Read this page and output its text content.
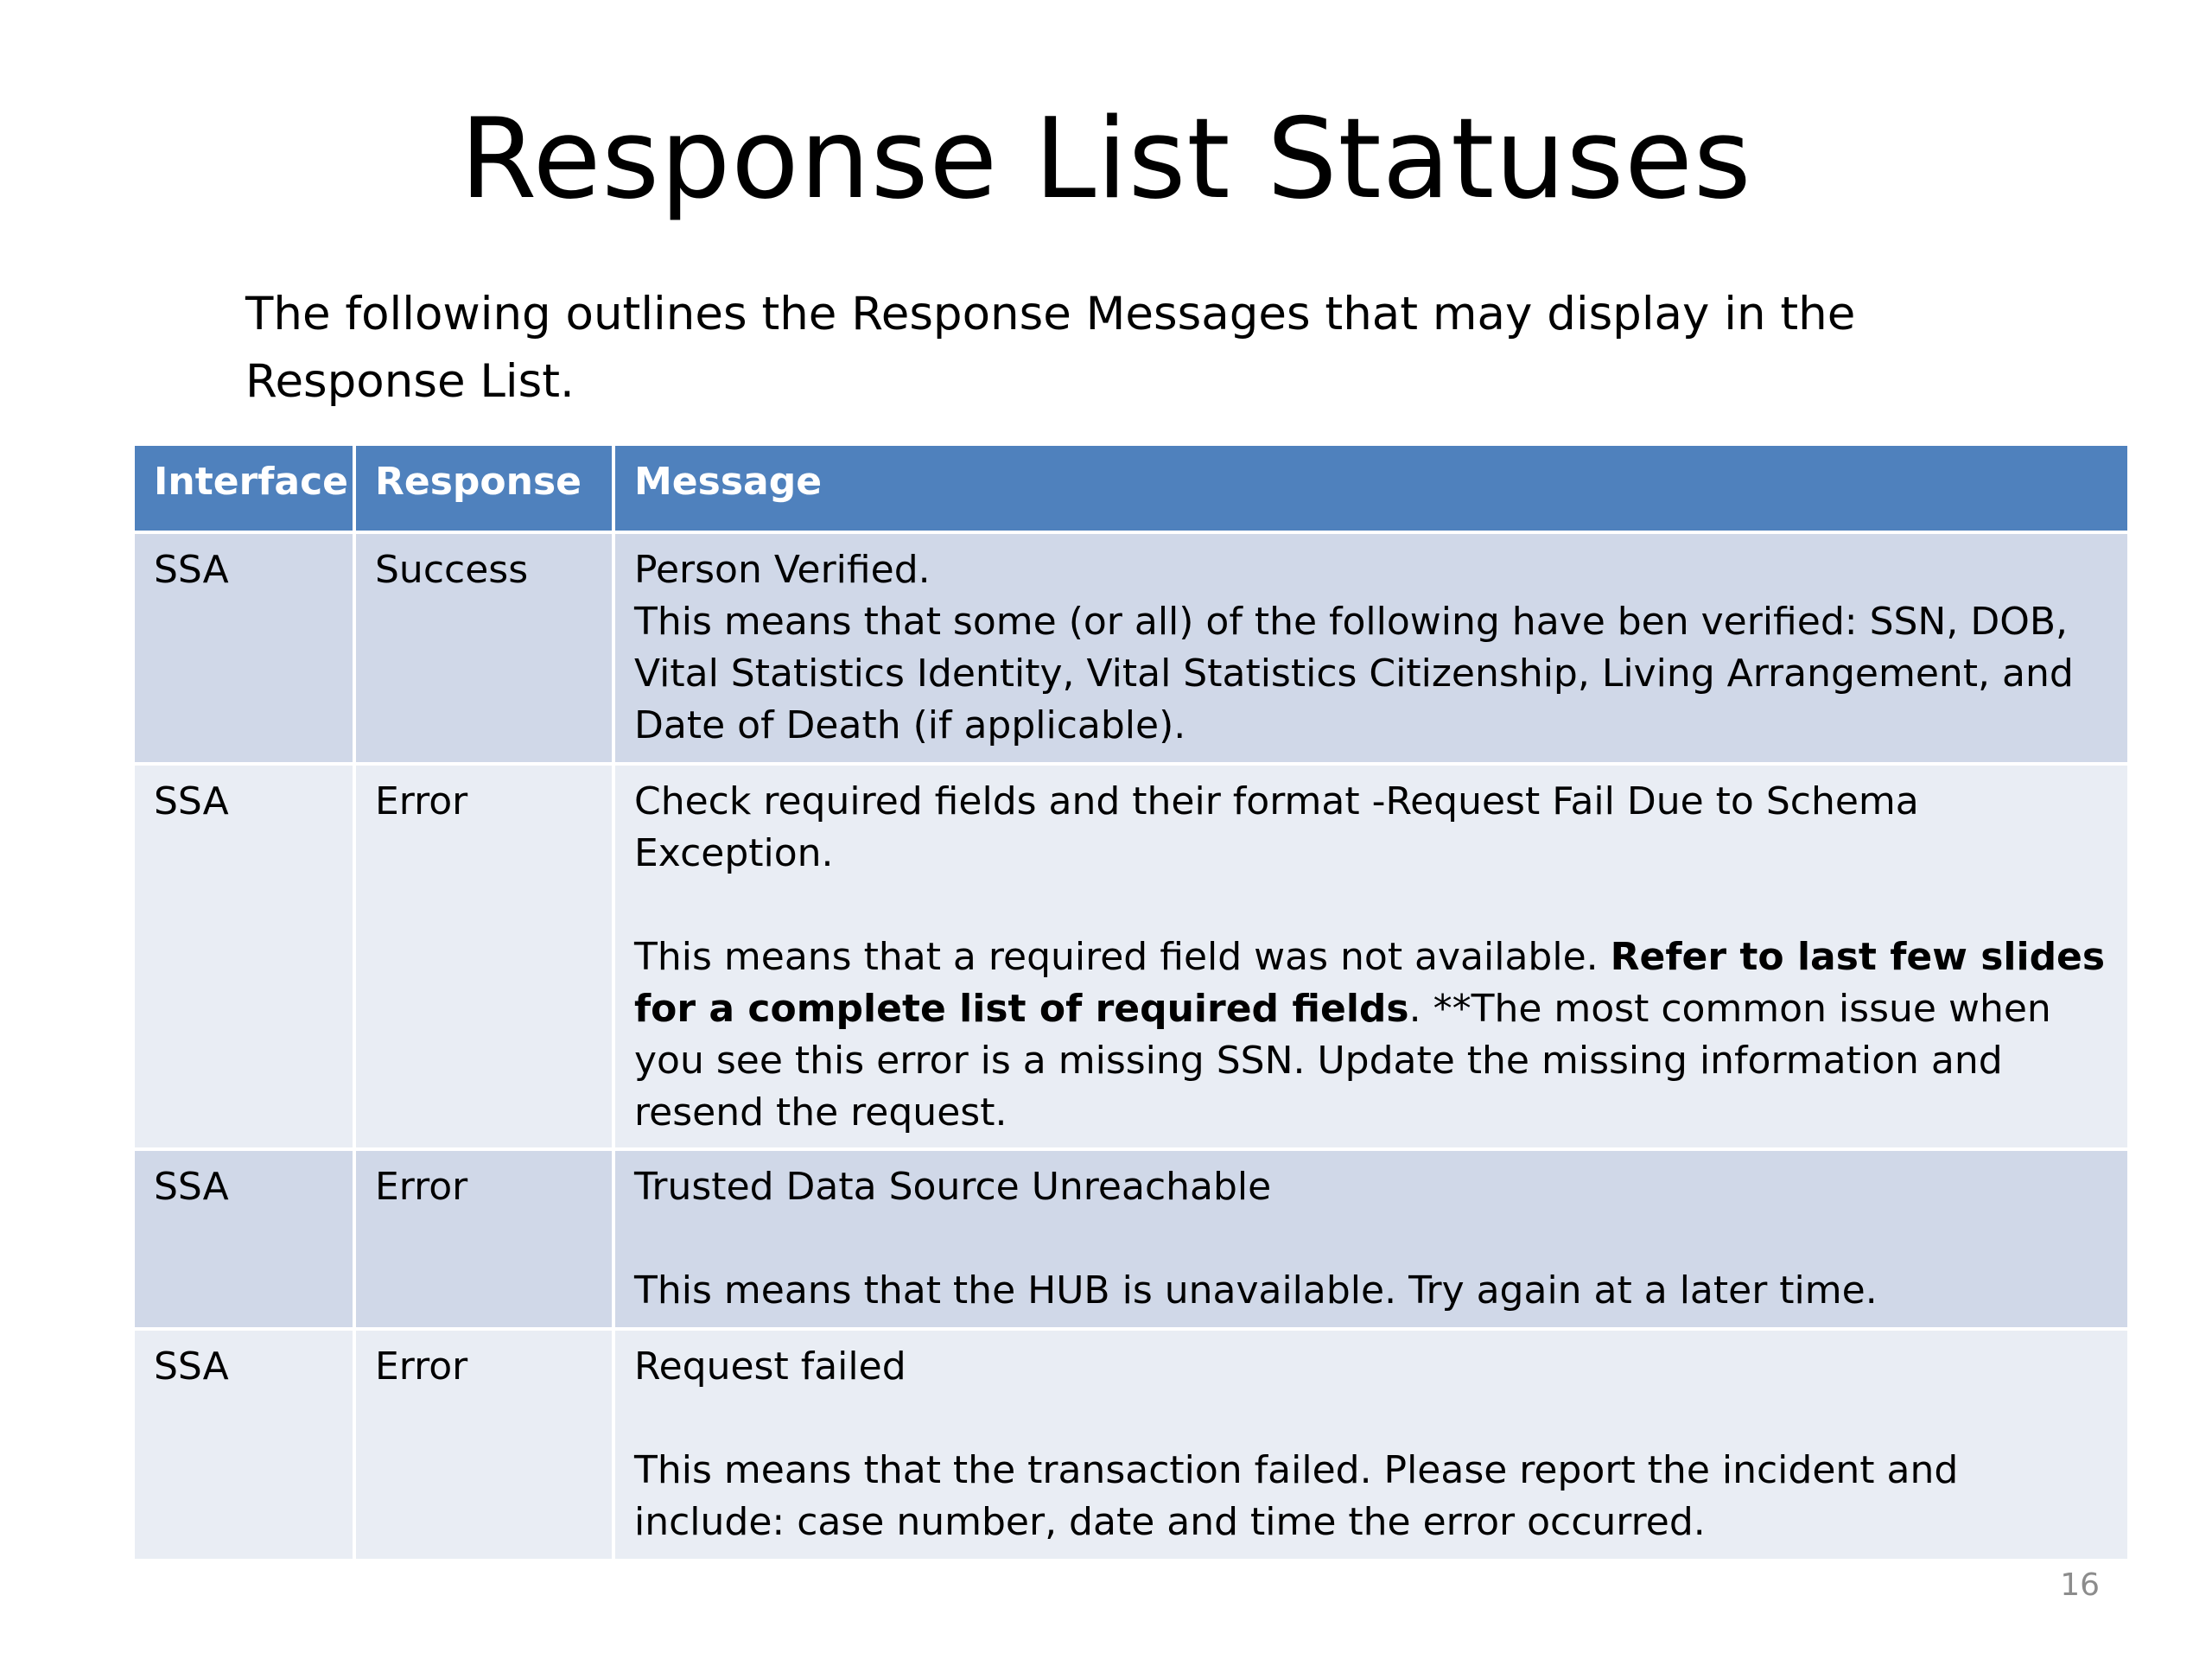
Response List Statuses

The following outlines the Response Messages that may display in the Response List.

Interface	Response	Message
SSA	Success	Person Verified.
This means that some (or all) of the following have ben verified: SSN, DOB, Vital Statistics Identity, Vital Statistics Citizenship, Living Arrangement, and Date of Death (if applicable).

SSA	Error	Check required fields and their format -Request Fail Due to Schema Exception.
This means that a required field was not available. Refer to last few slides for a complete list of required fields. **The most common issue when you see this error is a missing SSN. Update the missing information and resend the request.

SSA	Error	Trusted Data Source Unreachable
This means that the HUB is unavailable. Try again at a later time.

SSA	Error	Request failed
This means that the transaction failed. Please report the incident and include: case number, date and time the error occurred.
16
